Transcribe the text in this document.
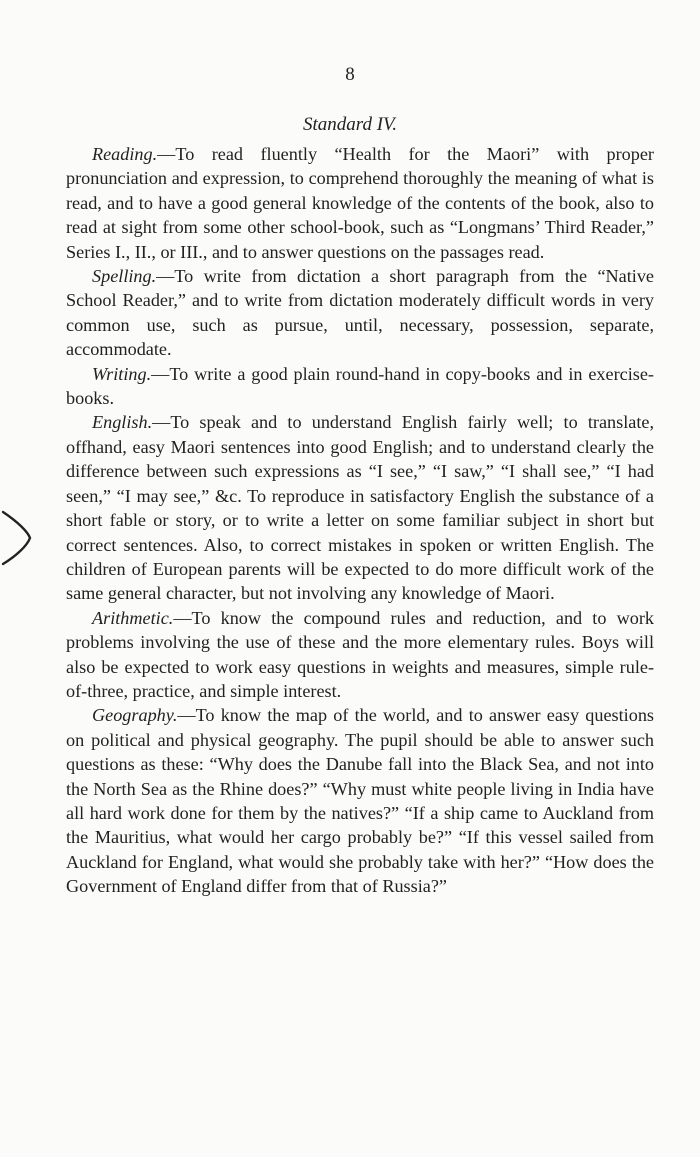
8
Standard IV.

Reading.—To read fluently “Health for the Maori” with proper pronunciation and expression, to comprehend thoroughly the meaning of what is read, and to have a good general knowledge of the contents of the book, also to read at sight from some other school-book, such as “Longmans’ Third Reader,” Series I., II., or III., and to answer questions on the passages read.

Spelling.—To write from dictation a short paragraph from the “Native School Reader,” and to write from dictation moderately difficult words in very common use, such as pursue, until, necessary, possession, separate, accommodate.

Writing.—To write a good plain round-hand in copy-books and in exercise-books.

English.—To speak and to understand English fairly well; to translate, offhand, easy Maori sentences into good English; and to understand clearly the difference between such expressions as “I see,” “I saw,” “I shall see,” “I had seen,” “I may see,” &c. To reproduce in satisfactory English the substance of a short fable or story, or to write a letter on some familiar subject in short but correct sentences. Also, to correct mistakes in spoken or written English. The children of European parents will be expected to do more difficult work of the same general character, but not involving any knowledge of Maori.

Arithmetic.—To know the compound rules and reduction, and to work problems involving the use of these and the more elementary rules. Boys will also be expected to work easy questions in weights and measures, simple rule-of-three, practice, and simple interest.

Geography.—To know the map of the world, and to answer easy questions on political and physical geography. The pupil should be able to answer such questions as these: “Why does the Danube fall into the Black Sea, and not into the North Sea as the Rhine does?” “Why must white people living in India have all hard work done for them by the natives?” “If a ship came to Auckland from the Mauritius, what would her cargo probably be?” “If this vessel sailed from Auckland for England, what would she probably take with her?” “How does the Government of England differ from that of Russia?”
